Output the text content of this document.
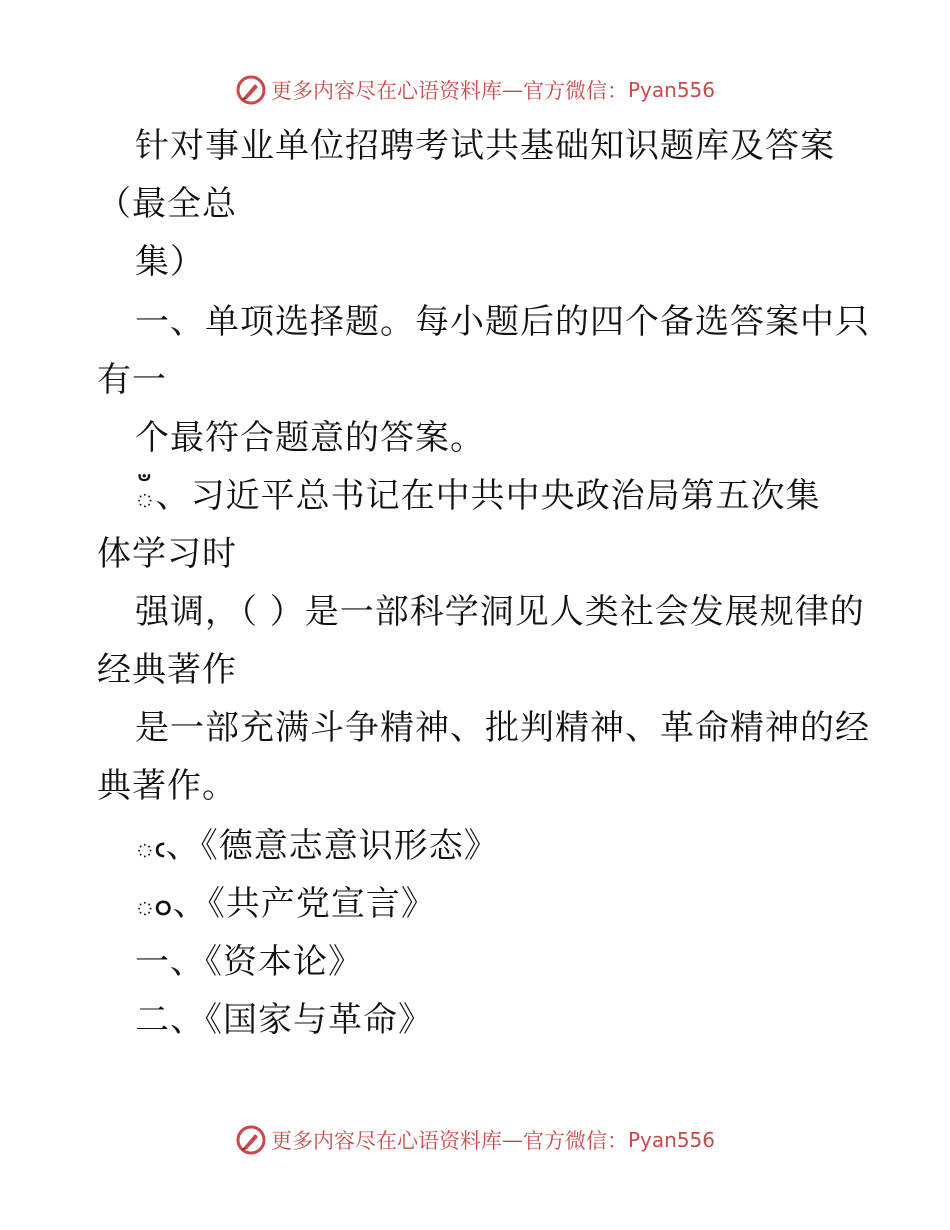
更多内容尽在心语资料库 — 官方微信： Pyan556
针对事业单位招聘考试共基础知识题库及答案
（最全总
集）
一、单项选择题。每小题后的四个备选答案中只
有一
个最符合题意的答案。
ఀ、习近平总书记在中共中央政治局第五次集
体学习时
强调，（ ）是一部科学洞见人类社会发展规律的
经典著作
是一部充满斗争精神、批判精神、革命精神的经
典著作。
ఁ、《德意志意识形态》
ం、《共产党宣言》
⼀、《资本论》
⼆、《国家与革命》
更多内容尽在心语资料库 — 官方微信： Pyan556
